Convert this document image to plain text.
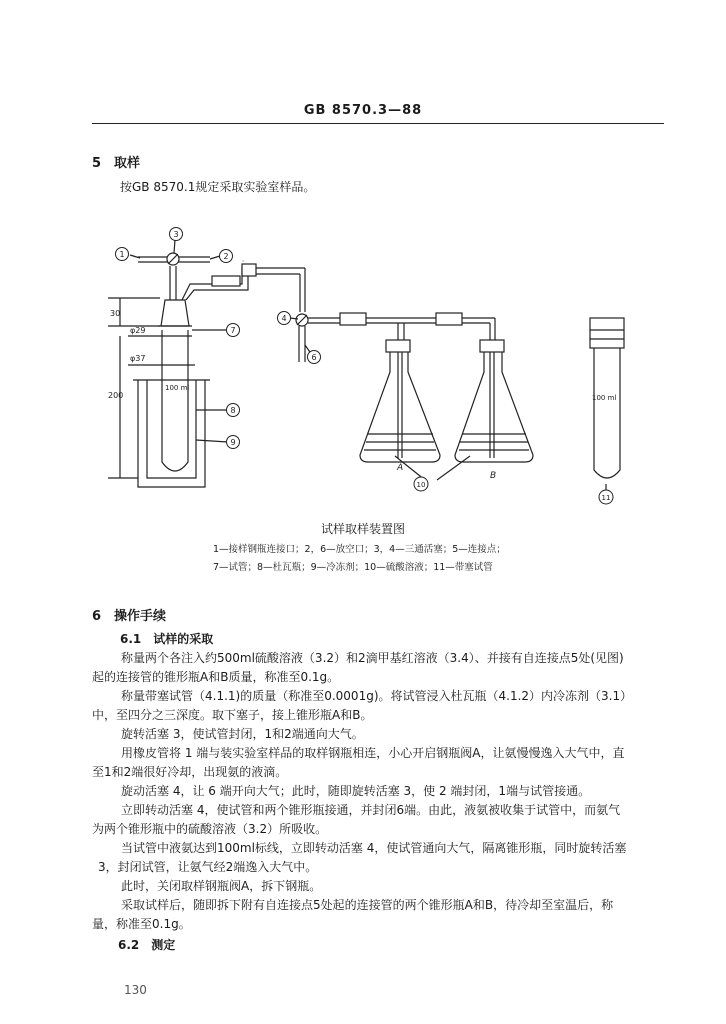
GB 8570.3—88
5　取样
按GB 8570.1规定采取实验室样品。
φ29
φ37
30
200
100 ml
100 ml
A
B
1
3
2
7
4
6
8
9
10
11
试样取样装置图
1—接样钢瓶连接口；2，6—放空口；3，4—三通活塞；5—连接点；
7—试管；8—杜瓦瓶；9—冷冻剂；10—硫酸溶液；11—带塞试管
6　操作手续
6.1　试样的采取
称量两个各注入约500ml硫酸溶液（3.2）和2滴甲基红溶液（3.4）、并接有自连接点5处(见图)
起的连接管的锥形瓶A和B质量，称准至0.1g。
称量带塞试管（4.1.1)的质量（称准至0.0001g)。将试管浸入杜瓦瓶（4.1.2）内冷冻剂（3.1）
中，至四分之三深度。取下塞子，接上锥形瓶A和B。
旋转活塞 3，使试管封闭，1和2端通向大气。
用橡皮管将 1 端与装实验室样品的取样钢瓶相连，小心开启钢瓶阀A，让氨慢慢逸入大气中，直
至1和2端很好冷却，出现氨的液滴。
旋动活塞 4，让 6 端开向大气；此时，随即旋转活塞 3，使 2 端封闭，1端与试管接通。
立即转动活塞 4，使试管和两个锥形瓶接通，并封闭6端。由此，液氨被收集于试管中，而氨气
为两个锥形瓶中的硫酸溶液（3.2）所吸收。
当试管中液氨达到100ml标线，立即转动活塞 4，使试管通向大气，隔离锥形瓶，同时旋转活塞
3，封闭试管，让氨气经2端逸入大气中。
此时，关闭取样钢瓶阀A，拆下钢瓶。
采取试样后，随即拆下附有自连接点5处起的连接管的两个锥形瓶A和B，待冷却至室温后，称
量，称准至0.1g。
6.2　测定
130
